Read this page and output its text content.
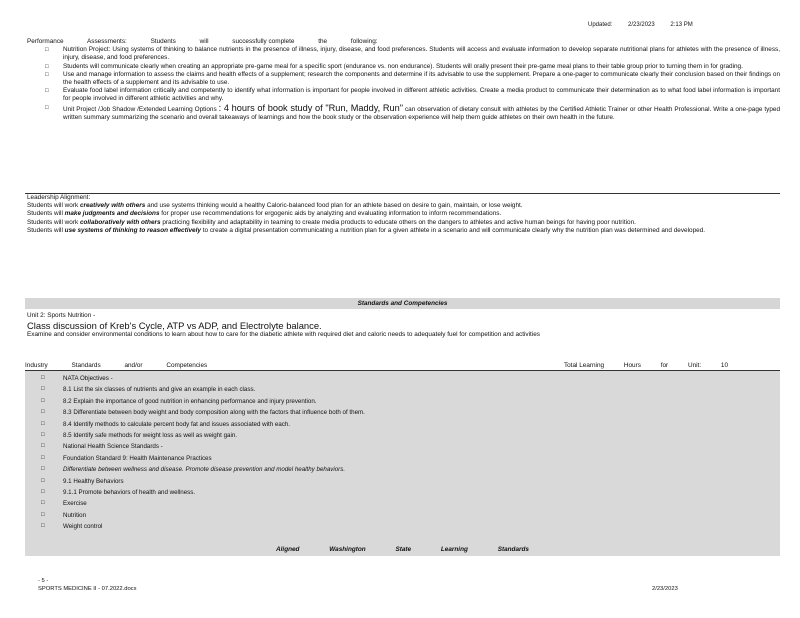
Updated:	2/23/2023	2:13 PM
Performance	Assessments:	Students	will	successfully complete	the	following:
□ Nutrition Project: Using systems of thinking to balance nutrients in the presence of illness, injury, disease, and food preferences. Students will access and evaluate information to develop separate nutritional plans for athletes with the presence of illness, injury, disease, and food preferences.
□ Students will communicate clearly when creating an appropriate pre-game meal for a specific sport (endurance vs. non endurance). Students will orally present their pre-game meal plans to their table group prior to turning them in for grading.
□ Use and manage information to assess the claims and health effects of a supplement; research the components and determine if its advisable to use the supplement. Prepare a one-pager to communicate clearly their conclusion based on their findings on the health effects of a supplement and its advisable to use.
□ Evaluate food label information critically and competently to identify what information is important for people involved in different athletic activities. Create a media product to communicate their determination as to what food label information is important for people involved in different athletic activities and why.
□ Unit Project /Job Shadow /Extended Learning Options : 4 hours of book study of "Run, Maddy, Run" can observation of dietary consult with athletes by the Certified Athletic Trainer or other Health Professional. Write a one-page typed written summary summarizing the scenario and overall takeaways of learnings and how the book study or the observation experience will help them guide athletes on their own health in the future.

Leadership Alignment:

Students will work creatively with others and use systems thinking would a healthy Caloric-balanced food plan for an athlete based on desire to gain, maintain, or lose weight.

Students will make judgments and decisions for proper use recommendations for ergogenic aids by analyzing and evaluating information to inform recommendations.

Students will work collaboratively with others practicing flexibility and adaptability in teaming to create media products to educate others on the dangers to athletes and active human beings for having poor nutrition.

Students will use systems of thinking to reason effectively to create a digital presentation communicating a nutrition plan for a given athlete in a scenario and will communicate clearly why the nutrition plan was determined and developed.

Standards and Competencies

Unit 2: Sports Nutrition -

Class discussion of Kreb's Cycle, ATP vs ADP, and Electrolyte balance.

Examine and consider environmental conditions to learn about how to care for the diabetic athlete with required diet and caloric needs to adequately fuel for competition and activities

Industry	Standards	and/or	Competencies	Total Learning	Hours	for	Unit:	10
□	NATA Objectives -
□	8.1 List the six classes of nutrients and give an example in each class.
□	8.2 Explain the importance of good nutrition in enhancing performance and injury prevention.
□	8.3 Differentiate between body weight and body composition along with the factors that influence both of them.
□	8.4 Identify methods to calculate percent body fat and issues associated with each.
□	8.5 Identify safe methods for weight loss as well as weight gain.
□	National Health Science Standards -
□	Foundation Standard 9: Health Maintenance Practices
□	Differentiate between wellness and disease. Promote disease prevention and model healthy behaviors.
□	9.1 Healthy Behaviors
□	9.1.1 Promote behaviors of health and wellness.
□	Exercise
□	Nutrition
□	Weight control
Aligned	Washington	State	Learning	Standards
- 5 -
SPORTS MEDICINE II - 07.2022.docx	2/23/2023
